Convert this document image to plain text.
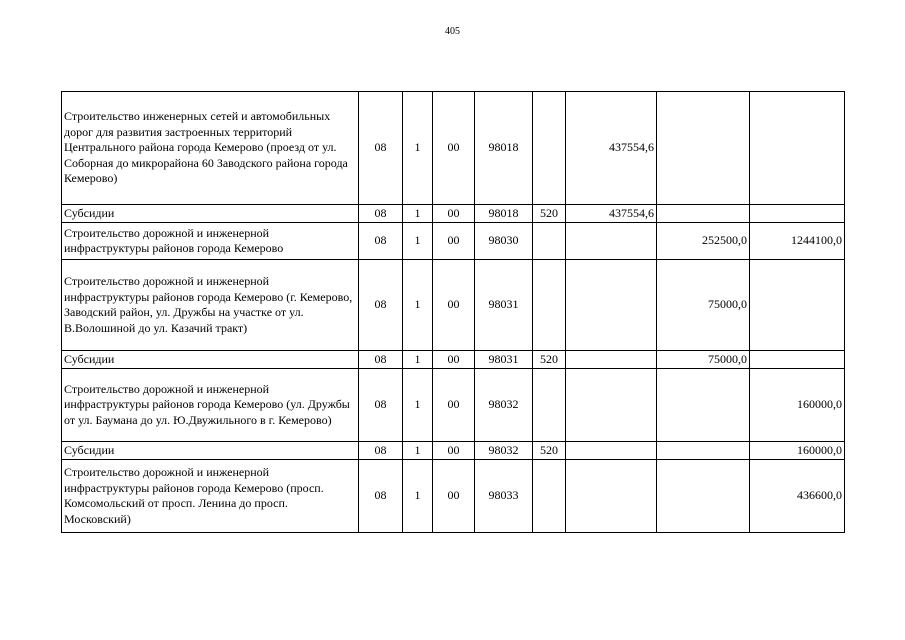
405
Строительство инженерных сетей и автомобильных дорог для развития застроенных территорий Центрального района города Кемерово (проезд от ул. Соборная до микрорайона 60 Заводского района города Кемерово)	08	1	00	98018		437554,6		
Субсидии	08	1	00	98018	520	437554,6		
Строительство дорожной и инженерной инфраструктуры районов города Кемерово	08	1	00	98030			252500,0	1244100,0
Строительство дорожной и инженерной инфраструктуры районов города Кемерово (г. Кемерово, Заводский район, ул. Дружбы на участке от ул. В.Волошиной до ул. Казачий тракт)	08	1	00	98031			75000,0	
Субсидии	08	1	00	98031	520		75000,0	
Строительство дорожной и инженерной инфраструктуры районов города Кемерово (ул. Дружбы от ул. Баумана до ул. Ю.Двужильного в г. Кемерово)	08	1	00	98032				160000,0
Субсидии	08	1	00	98032	520			160000,0
Строительство дорожной и инженерной инфраструктуры районов города Кемерово (просп. Комсомольский от просп. Ленина до просп. Московский)	08	1	00	98033				436600,0
